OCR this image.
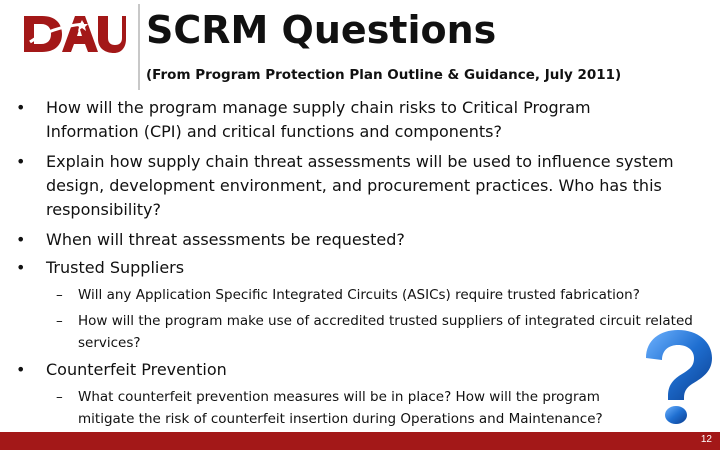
SCRM Questions
(From Program Protection Plan Outline & Guidance, July 2011)

• How will the program manage supply chain risks to Critical Program Information (CPI) and critical functions and components?

• Explain how supply chain threat assessments will be used to influence system design, development environment, and procurement practices. Who has this responsibility?

• When will threat assessments be requested?

• Trusted Suppliers

– Will any Application Specific Integrated Circuits (ASICs) require trusted fabrication?

– How will the program make use of accredited trusted suppliers of integrated circuit related services?

• Counterfeit Prevention

– What counterfeit prevention measures will be in place? How will the program mitigate the risk of counterfeit insertion during Operations and Maintenance?

12
